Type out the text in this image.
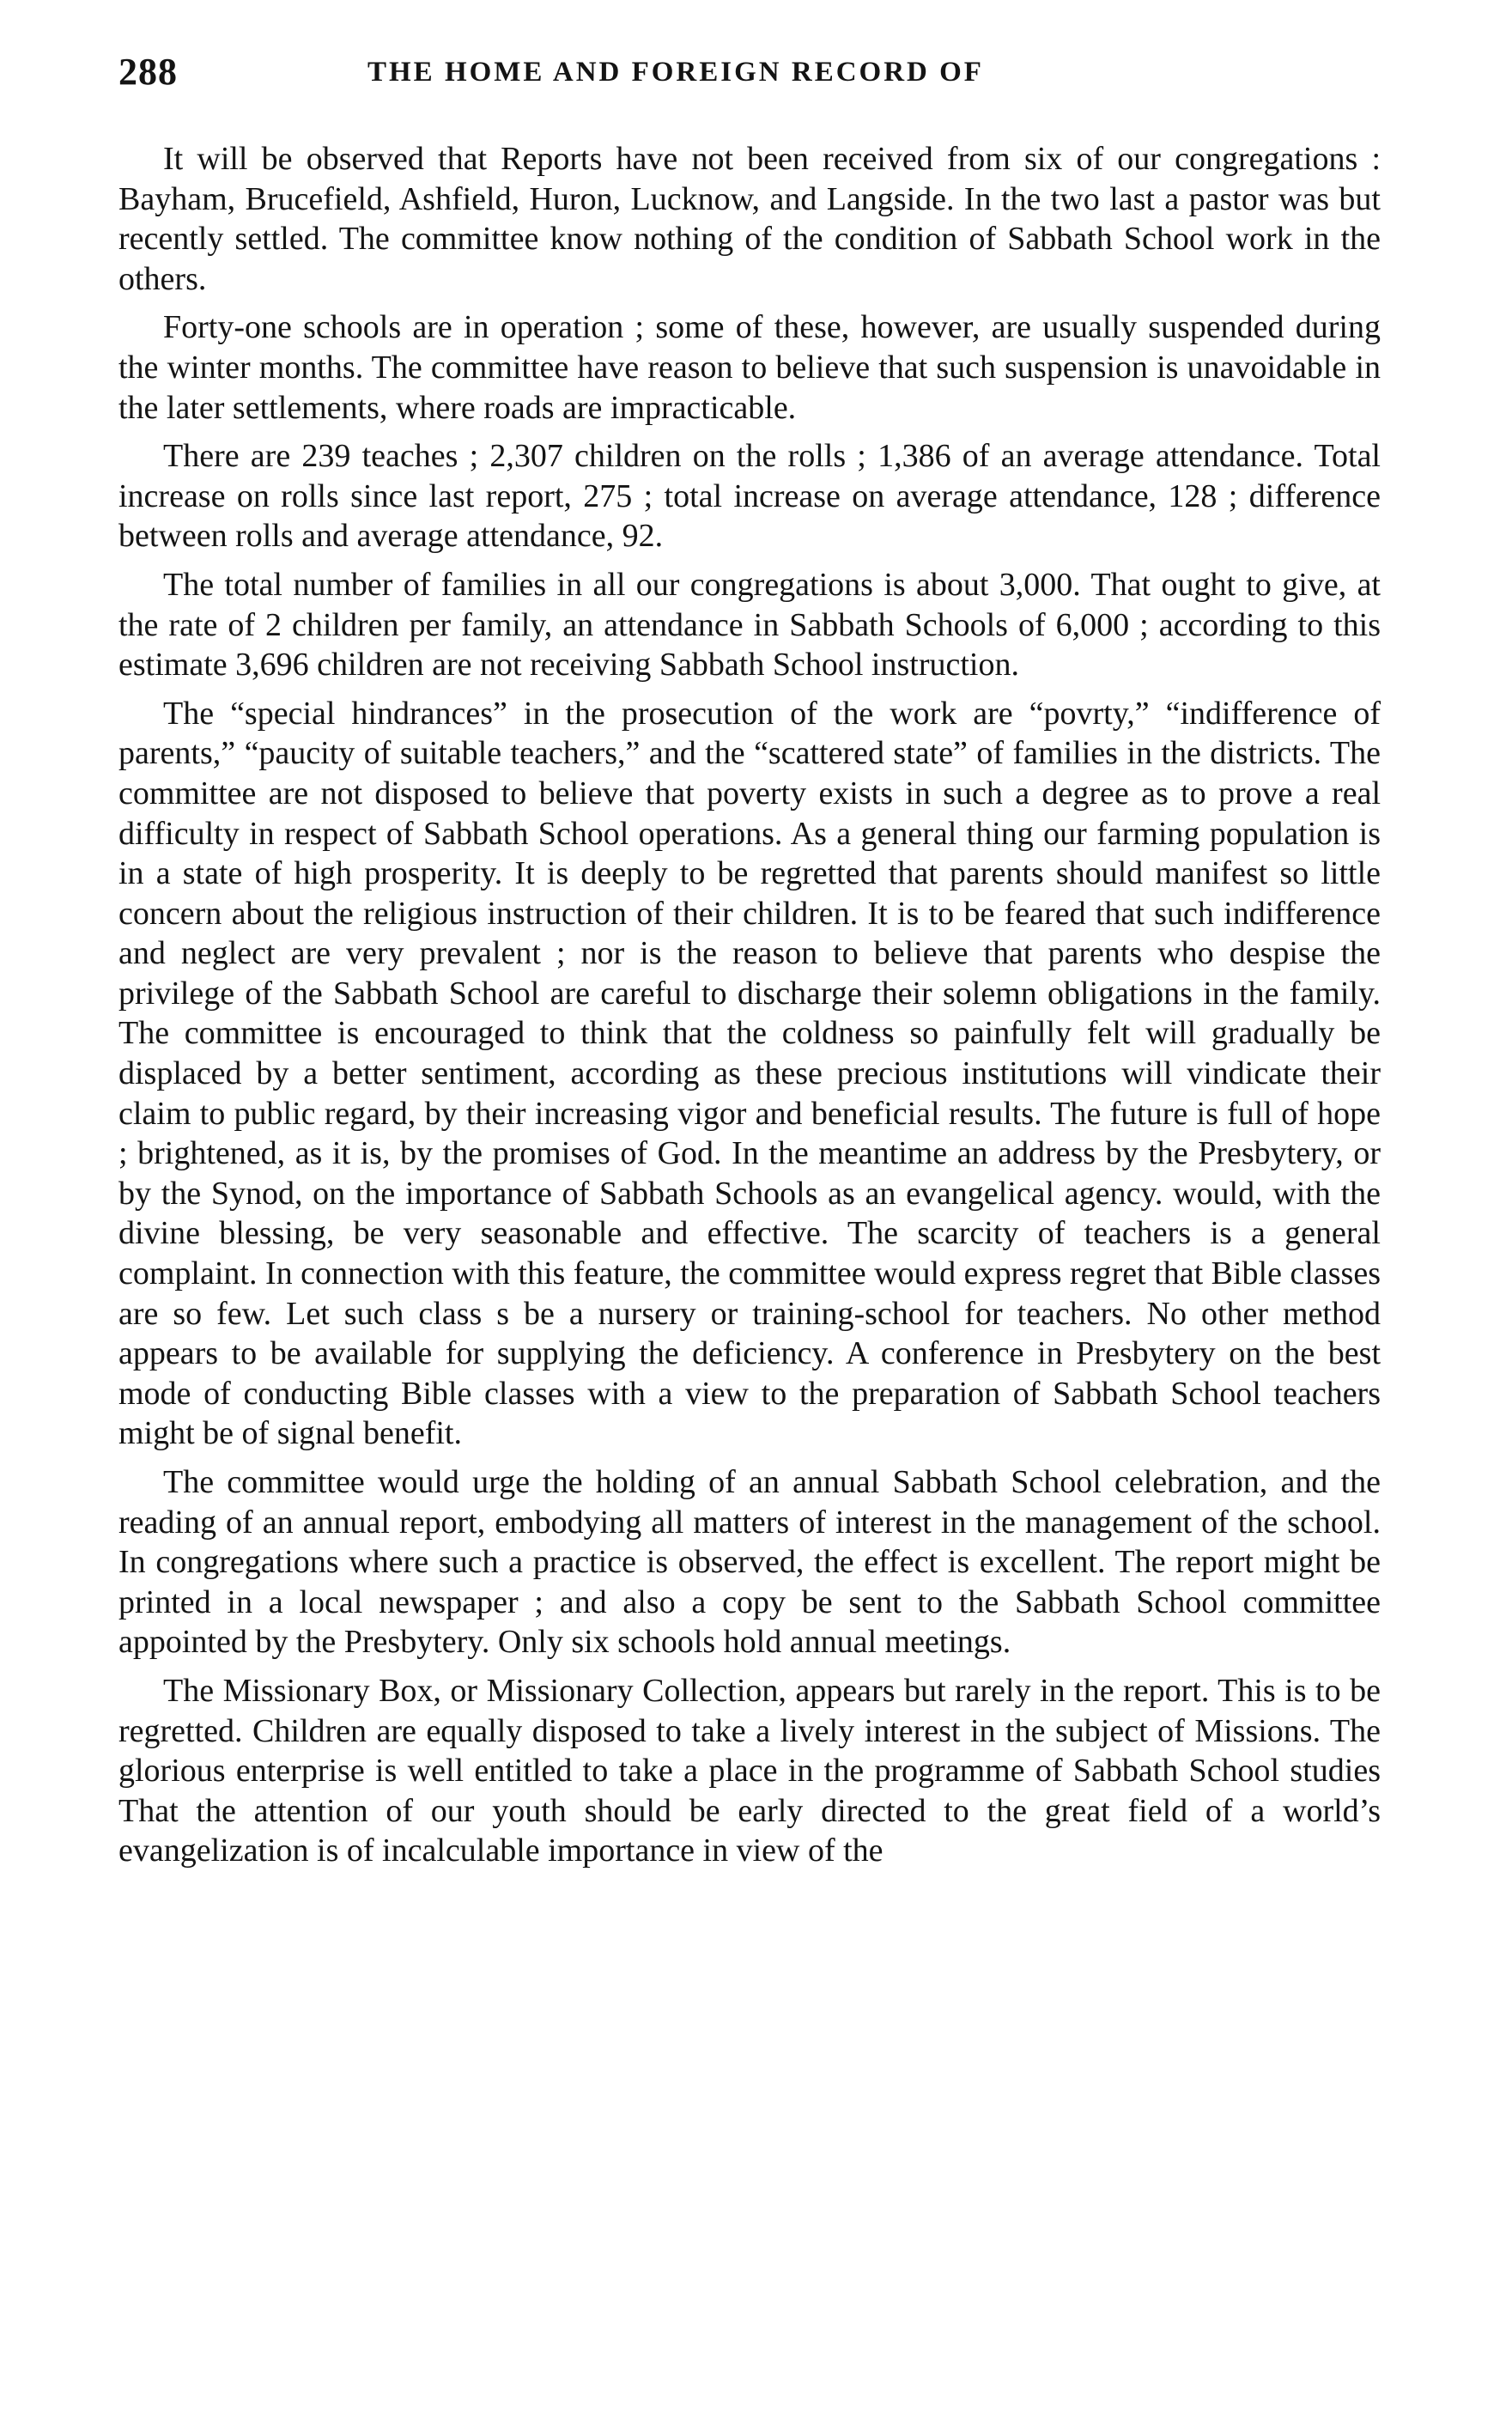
288	THE HOME AND FOREIGN RECORD OF

It will be observed that Reports have not been received from six of our congregations : Bayham, Brucefield, Ashfield, Huron, Lucknow, and Langside. In the two last a pastor was but recently settled. The committee know nothing of the condition of Sabbath School work in the others.

Forty-one schools are in operation ; some of these, however, are usually suspended during the winter months. The committee have reason to believe that such suspension is unavoidable in the later settlements, where roads are impracticable.

There are 239 teaches ; 2,307 children on the rolls ; 1,386 of an average attendance. Total increase on rolls since last report, 275 ; total increase on average attendance, 128 ; difference between rolls and average attendance, 92.

The total number of families in all our congregations is about 3,000. That ought to give, at the rate of 2 children per family, an attendance in Sabbath Schools of 6,000 ; according to this estimate 3,696 children are not receiving Sabbath School instruction.

The “special hindrances” in the prosecution of the work are “povrty,” “indifference of parents,” “paucity of suitable teachers,” and the “scattered state” of families in the districts. The committee are not disposed to believe that poverty exists in such a degree as to prove a real difficulty in respect of Sabbath School operations. As a general thing our farming population is in a state of high prosperity. It is deeply to be regretted that parents should manifest so little concern about the religious instruction of their children. It is to be feared that such indifference and neglect are very prevalent ; nor is the reason to believe that parents who despise the privilege of the Sabbath School are careful to discharge their solemn obligations in the family. The committee is encouraged to think that the coldness so painfully felt will gradually be displaced by a better sentiment, according as these precious institutions will vindicate their claim to public regard, by their increasing vigor and beneficial results. The future is full of hope ; brightened, as it is, by the promises of God. In the meantime an address by the Presbytery, or by the Synod, on the importance of Sabbath Schools as an evangelical agency. would, with the divine blessing, be very seasonable and effective. The scarcity of teachers is a general complaint. In connection with this feature, the committee would express regret that Bible classes are so few. Let such class s be a nursery or training-school for teachers. No other method appears to be available for supplying the deficiency. A conference in Presbytery on the best mode of conducting Bible classes with a view to the preparation of Sabbath School teachers might be of signal benefit.

The committee would urge the holding of an annual Sabbath School celebration, and the reading of an annual report, embodying all matters of interest in the management of the school. In congregations where such a practice is observed, the effect is excellent. The report might be printed in a local newspaper ; and also a copy be sent to the Sabbath School committee appointed by the Presbytery. Only six schools hold annual meetings.

The Missionary Box, or Missionary Collection, appears but rarely in the report. This is to be regretted. Children are equally disposed to take a lively interest in the subject of Missions. The glorious enterprise is well entitled to take a place in the programme of Sabbath School studies That the attention of our youth should be early directed to the great field of a world’s evangelization is of incalculable importance in view of the
